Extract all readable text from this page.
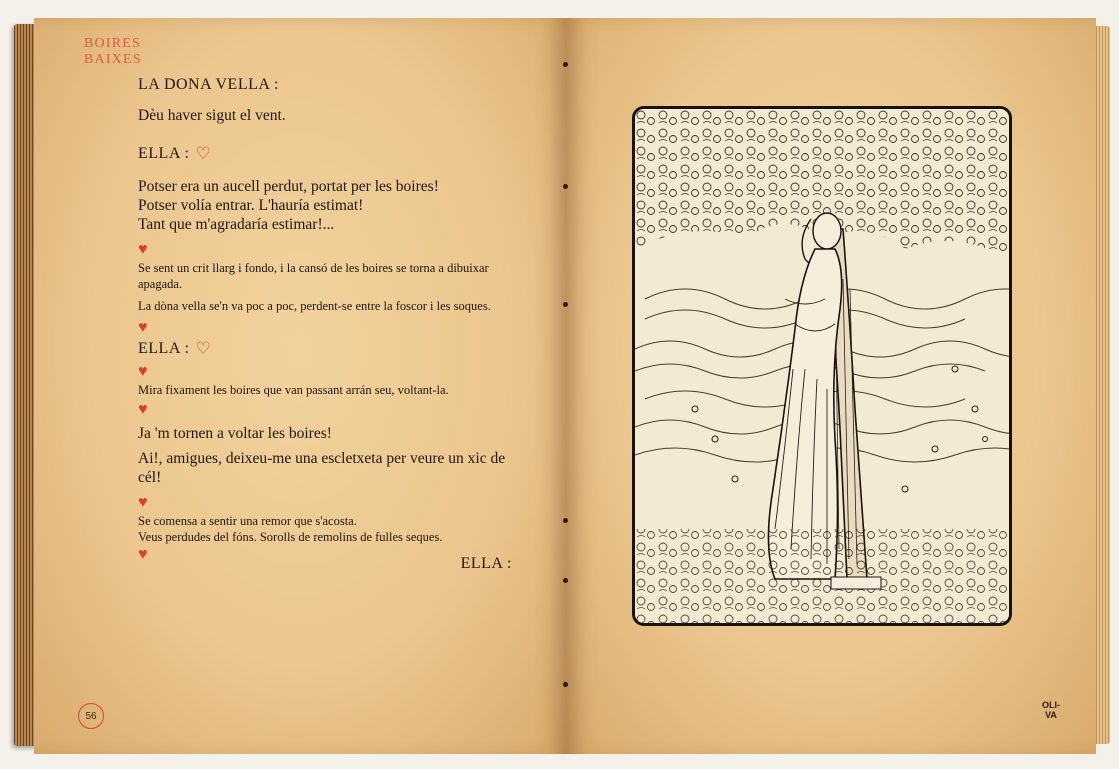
BOIRES
BAIXES
LA DONA VELLA :

Dèu haver sigut el vent.

ELLA : ♡

Potser era un aucell perdut, portat per les boires!

Potser volía entrar. L'hauría estimat!

Tant que m'agradaría estimar!...

♥

Se sent un crit llarg i fondo, i la cansó de les boires se torna a dibuixar apagada.

La dòna vella se'n va poc a poc, perdent-se entre la foscor i les soques.

♥
ELLA : ♡
♥

Mira fixament les boires que van passant arrán seu, voltant-la.

♥

Ja 'm tornen a voltar les boires!

Ai!, amigues, deixeu-me una escletxeta per veure un xic de cél!

♥

Se comensa a sentir una remor que s'acosta.

Veus perdudes del fóns. Sorolls de remolins de fulles seques.

♥
ELLA :
56
OLI-
VA
